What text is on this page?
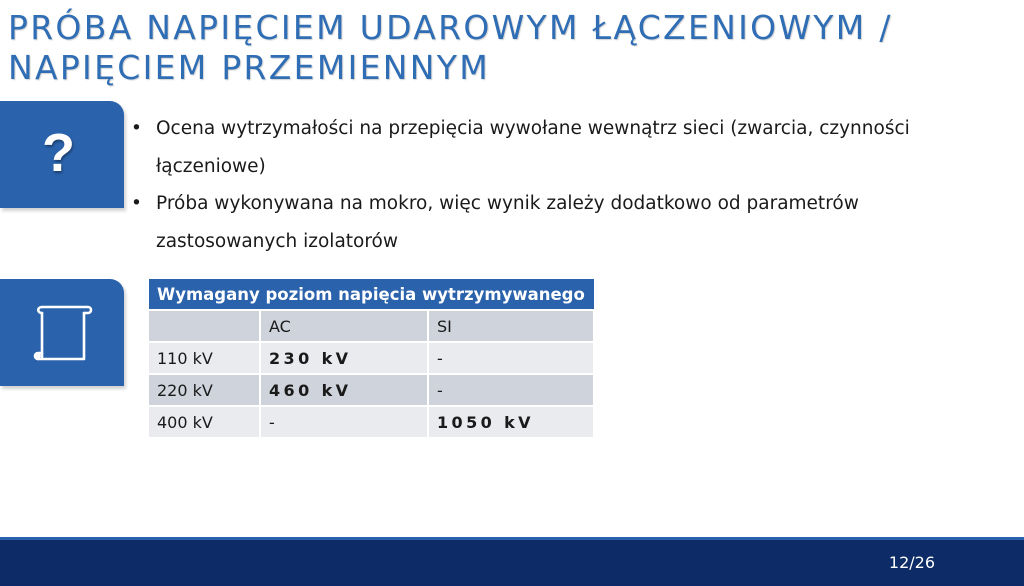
PRÓBA NAPIĘCIEM UDAROWYM ŁĄCZENIOWYM /
NAPIĘCIEM PRZEMIENNYM
?	• Ocena wytrzymałości na przepięcia wywołane wewnątrz sieci (zwarcia, czynności łączeniowe)
• Próba wykonywana na mokro, więc wynik zależy dodatkowo od parametrów zastosowanych izolatorów
Wymagany poziom napięcia wytrzymywanego		
	AC	SI
110 kV	230 kV	-
220 kV	460 kV	-
400 kV	-	1050 kV
12/26
